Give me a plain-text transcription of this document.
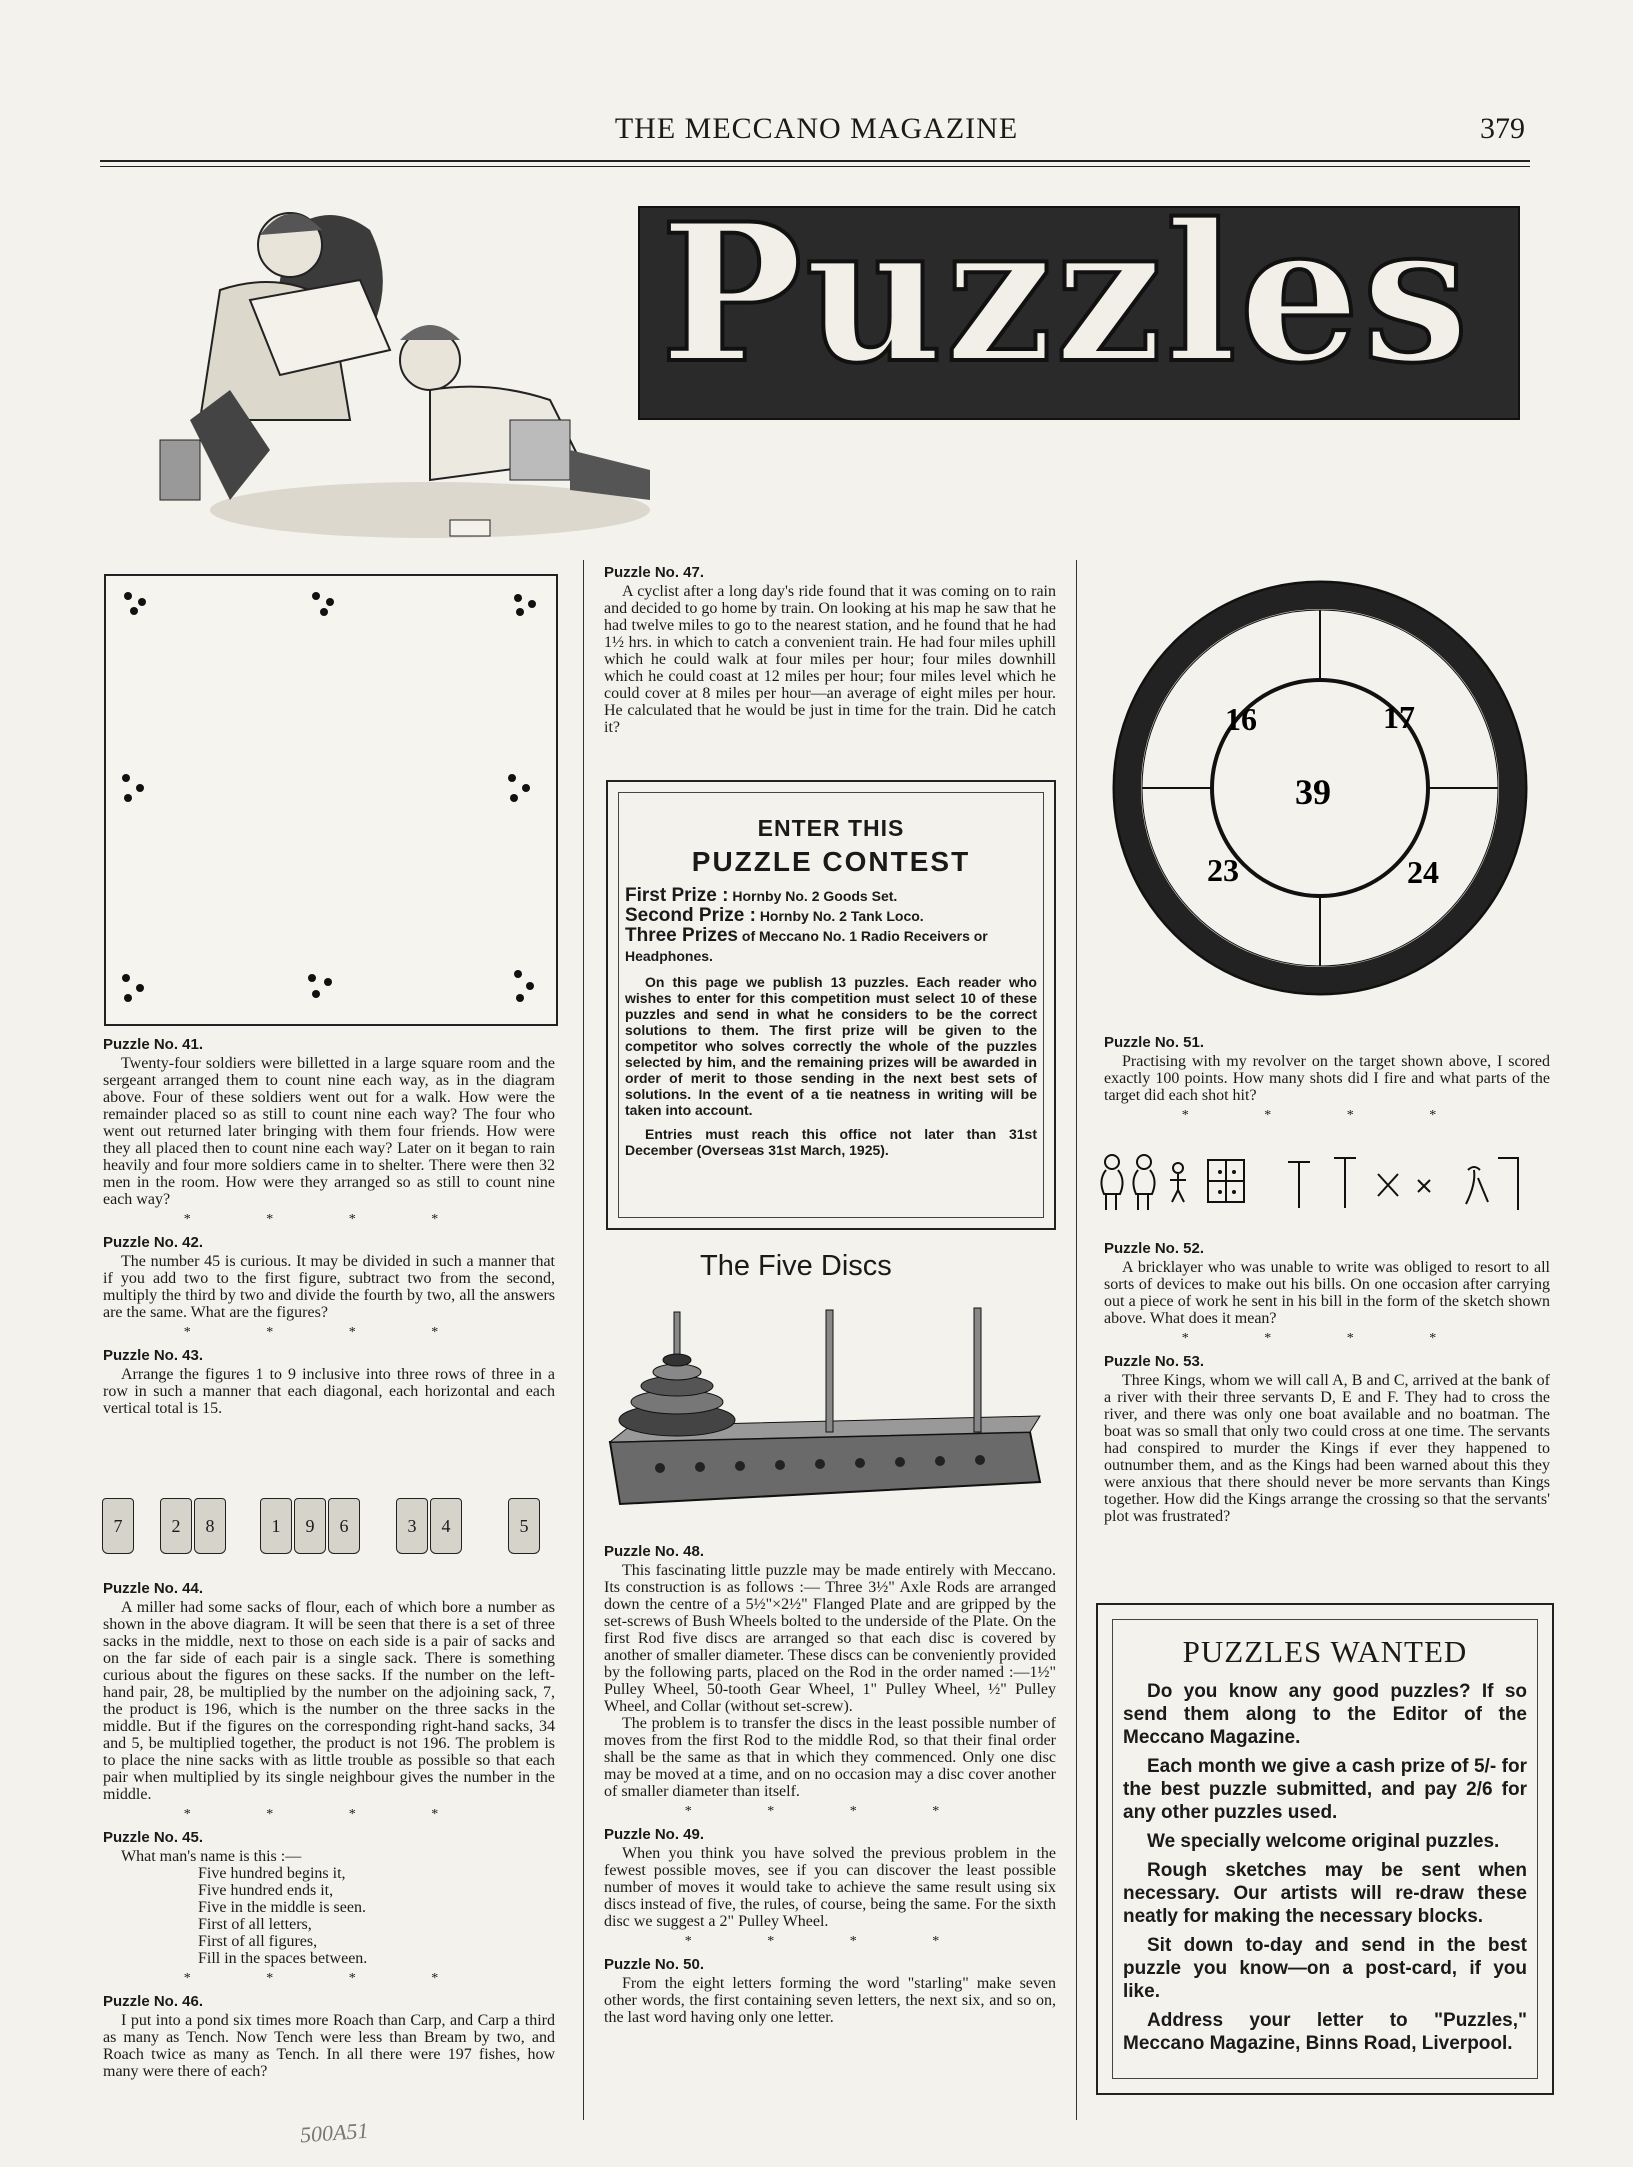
THE MECCANO MAGAZINE	379
Puzzles
Puzzle No. 41.

Twenty-four soldiers were billetted in a large square room and the sergeant arranged them to count nine each way, as in the diagram above. Four of these soldiers went out for a walk. How were the remainder placed so as still to count nine each way? The four who went out returned later bringing with them four friends. How were they all placed then to count nine each way? Later on it began to rain heavily and four more soldiers came in to shelter. There were then 32 men in the room. How were they arranged so as still to count nine each way?

* * * *
Puzzle No. 42.

The number 45 is curious. It may be divided in such a manner that if you add two to the first figure, subtract two from the second, multiply the third by two and divide the fourth by two, all the answers are the same. What are the figures?

* * * *
Puzzle No. 43.

Arrange the figures 1 to 9 inclusive into three rows of three in a row in such a manner that each diagonal, each horizontal and each vertical total is 15.

7	2	8	1	9	6	3	4	5
Puzzle No. 44.

A miller had some sacks of flour, each of which bore a number as shown in the above diagram. It will be seen that there is a set of three sacks in the middle, next to those on each side is a pair of sacks and on the far side of each pair is a single sack. There is something curious about the figures on these sacks. If the number on the left-hand pair, 28, be multiplied by the number on the adjoining sack, 7, the product is 196, which is the number on the three sacks in the middle. But if the figures on the corresponding right-hand sacks, 34 and 5, be multiplied together, the product is not 196. The problem is to place the nine sacks with as little trouble as possible so that each pair when multiplied by its single neighbour gives the number in the middle.

* * * *
Puzzle No. 45.

What man's name is this :—

Five hundred begins it,
Five hundred ends it,
Five in the middle is seen.
First of all letters,
First of all figures,
Fill in the spaces between.
* * * *
Puzzle No. 46.

I put into a pond six times more Roach than Carp, and Carp a third as many as Tench. Now Tench were less than Bream by two, and Roach twice as many as Tench. In all there were 197 fishes, how many were there of each?

Puzzle No. 47.

A cyclist after a long day's ride found that it was coming on to rain and decided to go home by train. On looking at his map he saw that he had twelve miles to go to the nearest station, and he found that he had 1½ hrs. in which to catch a convenient train. He had four miles uphill which he could walk at four miles per hour; four miles downhill which he could coast at 12 miles per hour; four miles level which he could cover at 8 miles per hour—an average of eight miles per hour. He calculated that he would be just in time for the train. Did he catch it?

ENTER THIS
PUZZLE CONTEST
First Prize : Hornby No. 2 Goods Set.
Second Prize : Hornby No. 2 Tank Loco.
Three Prizes of Meccano No. 1 Radio Receivers or Headphones.

On this page we publish 13 puzzles. Each reader who wishes to enter for this competition must select 10 of these puzzles and send in what he considers to be the correct solutions to them. The first prize will be given to the competitor who solves correctly the whole of the puzzles selected by him, and the remaining prizes will be awarded in order of merit to those sending in the next best sets of solutions. In the event of a tie neatness in writing will be taken into account.

Entries must reach this office not later than 31st December (Overseas 31st March, 1925).

The Five Discs
Puzzle No. 48.

This fascinating little puzzle may be made entirely with Meccano. Its construction is as follows :— Three 3½" Axle Rods are arranged down the centre of a 5½"×2½" Flanged Plate and are gripped by the set-screws of Bush Wheels bolted to the underside of the Plate. On the first Rod five discs are arranged so that each disc is covered by another of smaller diameter. These discs can be conveniently provided by the following parts, placed on the Rod in the order named :—1½" Pulley Wheel, 50-tooth Gear Wheel, 1" Pulley Wheel, ½" Pulley Wheel, and Collar (without set-screw).

The problem is to transfer the discs in the least possible number of moves from the first Rod to the middle Rod, so that their final order shall be the same as that in which they commenced. Only one disc may be moved at a time, and on no occasion may a disc cover another of smaller diameter than itself.

* * * *
Puzzle No. 49.

When you think you have solved the previous problem in the fewest possible moves, see if you can discover the least possible number of moves it would take to achieve the same result using six discs instead of five, the rules, of course, being the same. For the sixth disc we suggest a 2" Pulley Wheel.

* * * *
Puzzle No. 50.

From the eight letters forming the word "starling" make seven other words, the first containing seven letters, the next six, and so on, the last word having only one letter.

16	17
23	24
39
Puzzle No. 51.

Practising with my revolver on the target shown above, I scored exactly 100 points. How many shots did I fire and what parts of the target did each shot hit?

* * * *
Puzzle No. 52.

A bricklayer who was unable to write was obliged to resort to all sorts of devices to make out his bills. On one occasion after carrying out a piece of work he sent in his bill in the form of the sketch shown above. What does it mean?

* * * *
Puzzle No. 53.

Three Kings, whom we will call A, B and C, arrived at the bank of a river with their three servants D, E and F. They had to cross the river, and there was only one boat available and no boatman. The boat was so small that only two could cross at one time. The servants had conspired to murder the Kings if ever they happened to outnumber them, and as the Kings had been warned about this they were anxious that there should never be more servants than Kings together. How did the Kings arrange the crossing so that the servants' plot was frustrated?

PUZZLES WANTED

Do you know any good puzzles? If so send them along to the Editor of the Meccano Magazine.

Each month we give a cash prize of 5/- for the best puzzle submitted, and pay 2/6 for any other puzzles used.

We specially welcome original puzzles.

Rough sketches may be sent when necessary. Our artists will re-draw these neatly for making the necessary blocks.

Sit down to-day and send in the best puzzle you know—on a post-card, if you like.

Address your letter to "Puzzles," Meccano Magazine, Binns Road, Liverpool.

500A51
